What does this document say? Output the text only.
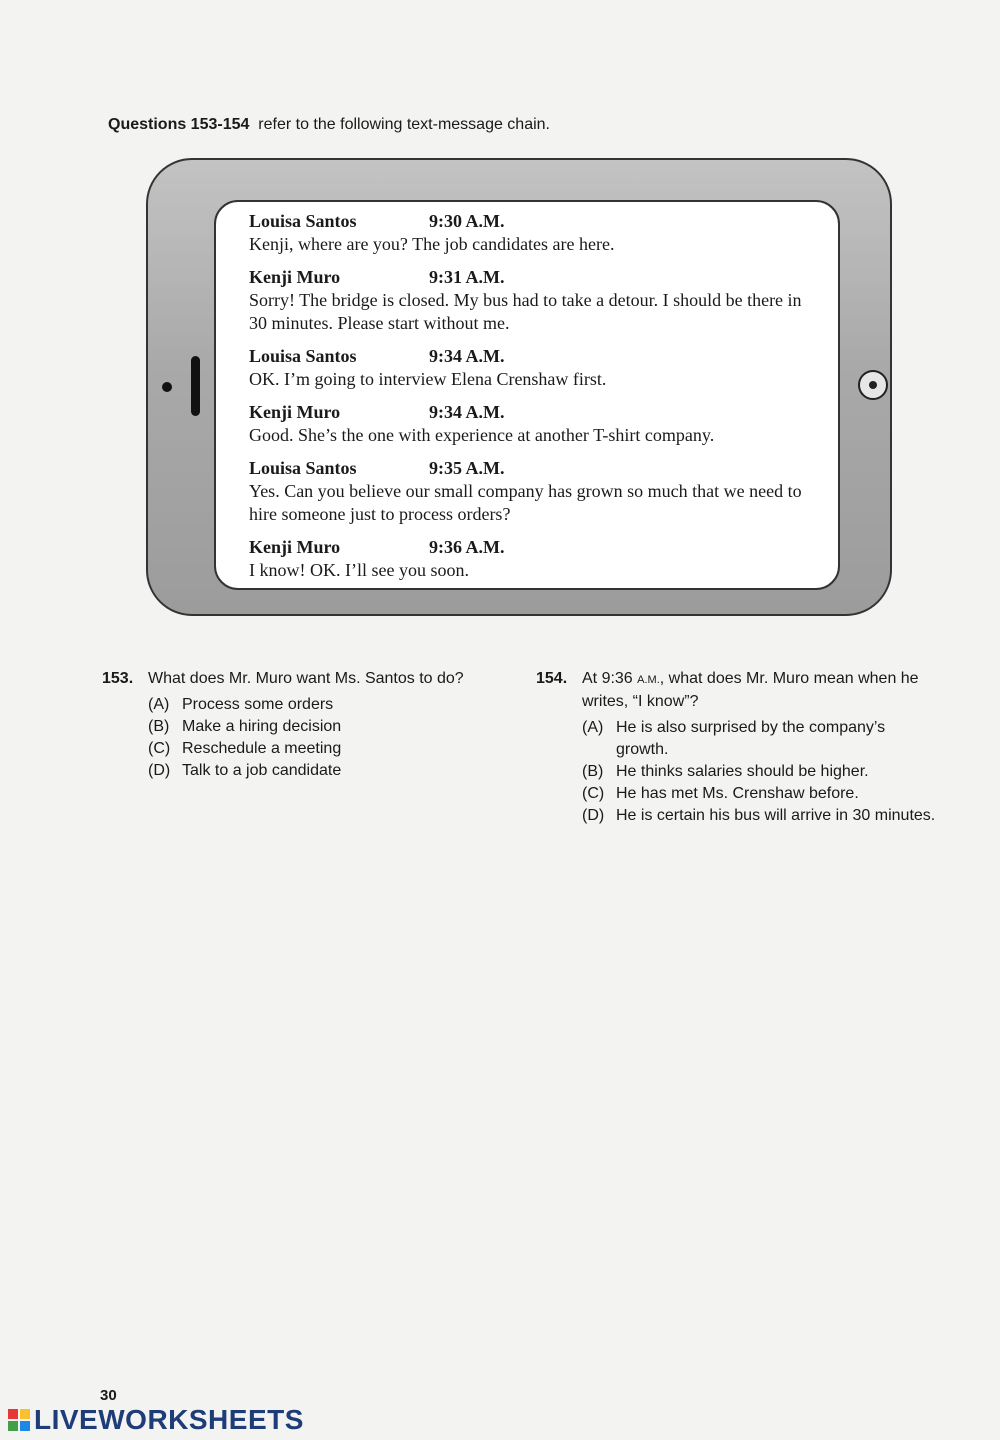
Questions 153-154 refer to the following text-message chain.
Louisa Santos	9:30 A.M.
Kenji, where are you? The job candidates are here.
Kenji Muro	9:31 A.M.
Sorry! The bridge is closed. My bus had to take a detour. I should be there in 30 minutes. Please start without me.
Louisa Santos	9:34 A.M.
OK. I’m going to interview Elena Crenshaw first.
Kenji Muro	9:34 A.M.
Good. She’s the one with experience at another T-shirt company.
Louisa Santos	9:35 A.M.
Yes. Can you believe our small company has grown so much that we need to hire someone just to process orders?
Kenji Muro	9:36 A.M.
I know! OK. I’ll see you soon.
153. What does Mr. Muro want Ms. Santos to do?
(A) Process some orders
(B) Make a hiring decision
(C) Reschedule a meeting
(D) Talk to a job candidate
154. At 9:36 A.M., what does Mr. Muro mean when he writes, “I know”?
(A) He is also surprised by the company’s growth.
(B) He thinks salaries should be higher.
(C) He has met Ms. Crenshaw before.
(D) He is certain his bus will arrive in 30 minutes.
30
LIVEWORKSHEETS
